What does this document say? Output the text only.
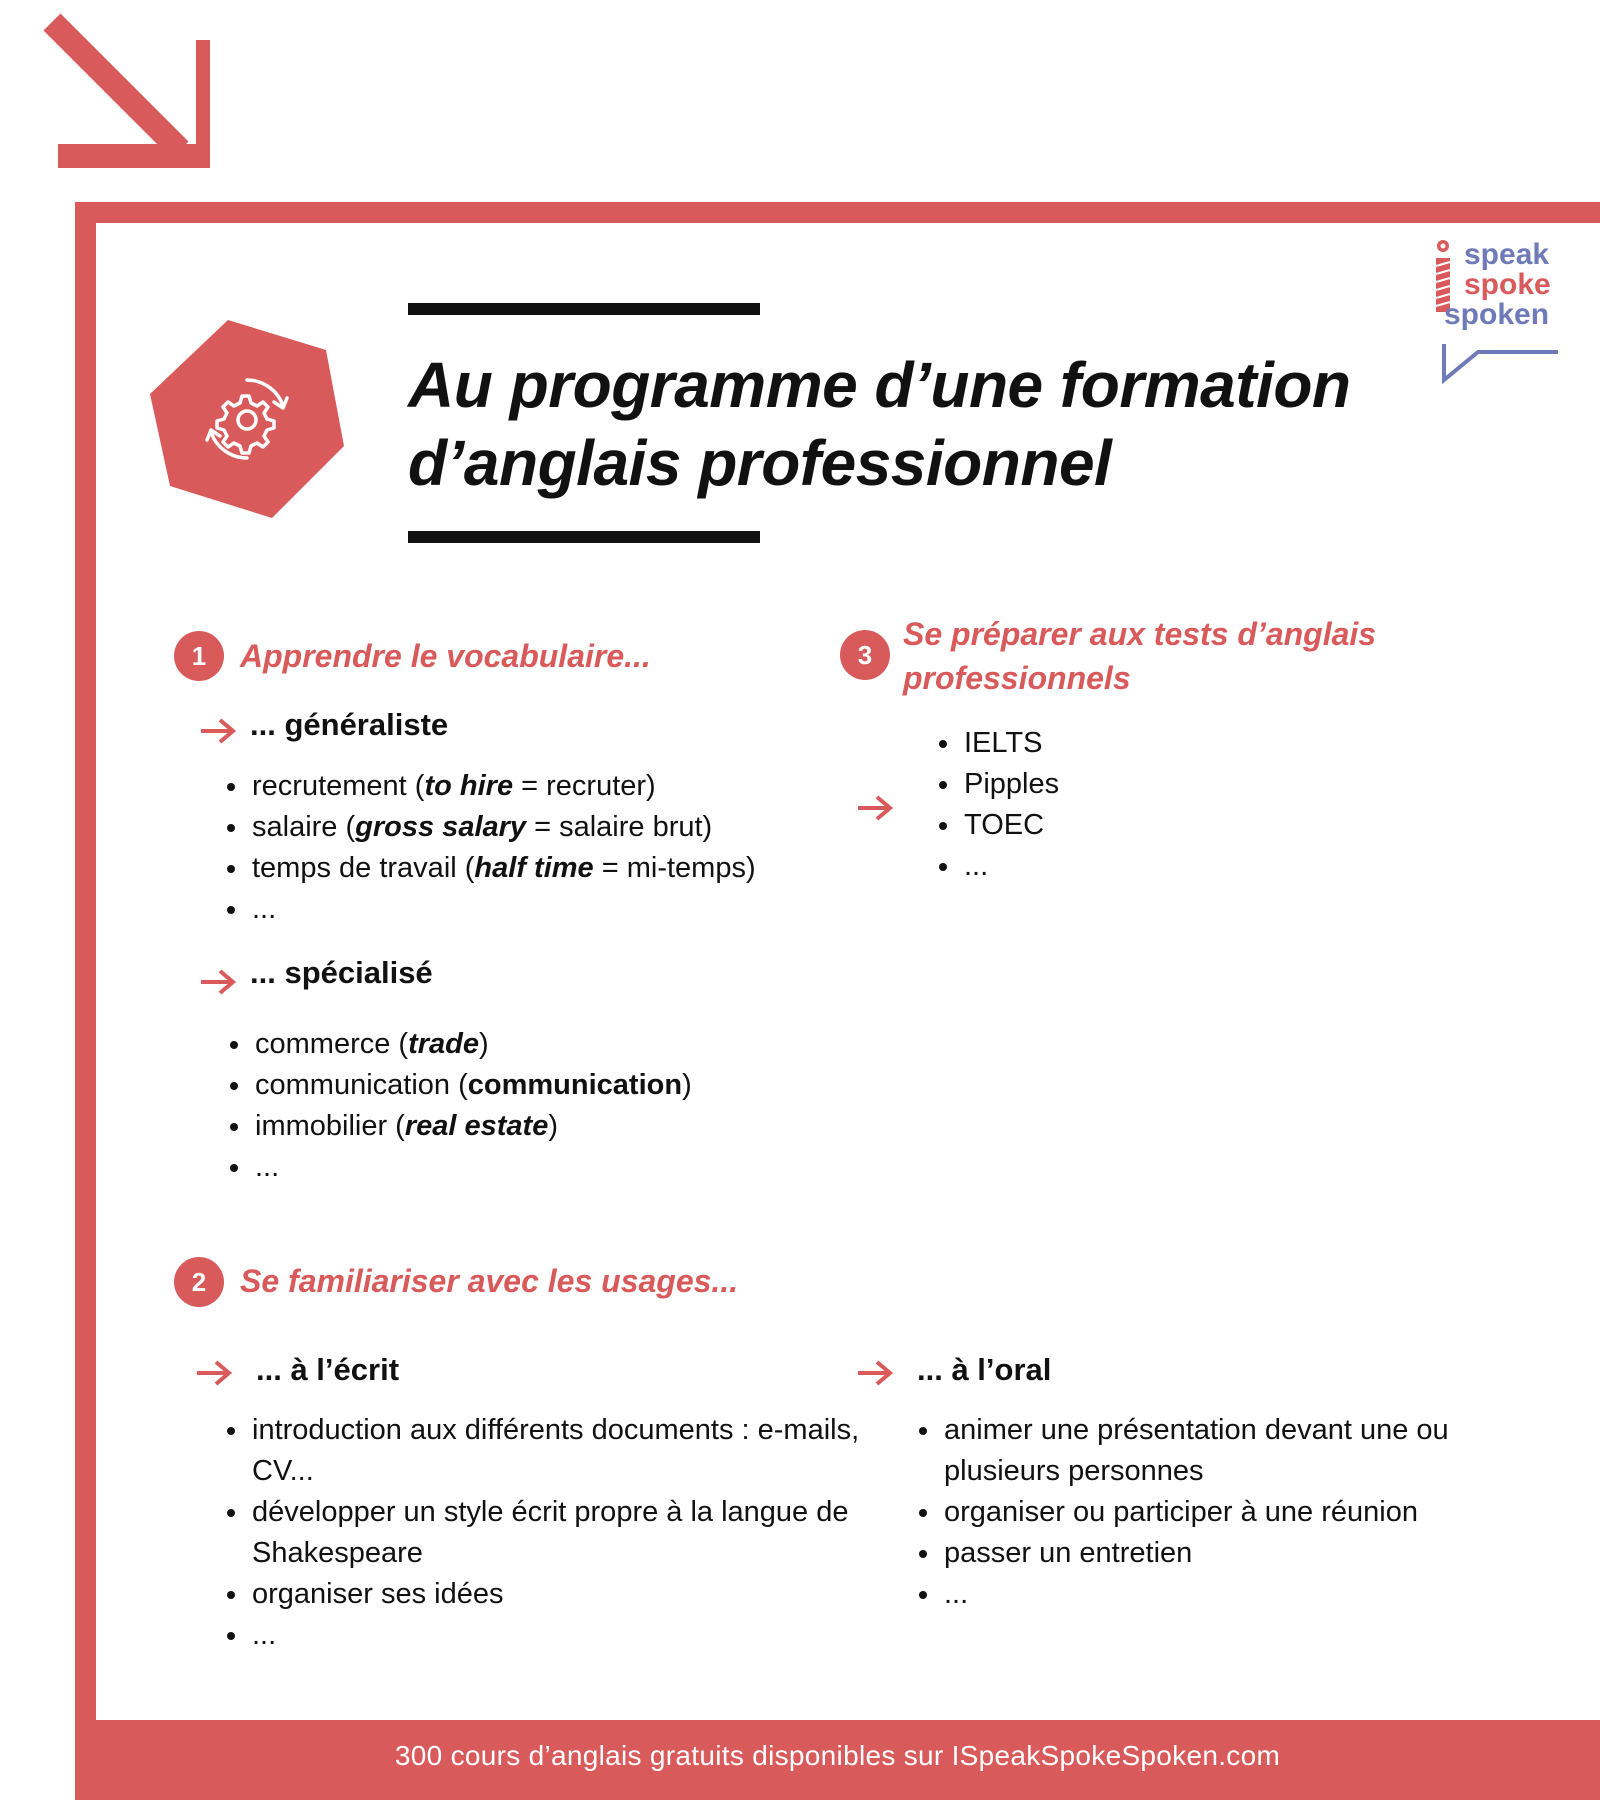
Au programme d’une formation
d’anglais professionnel
speak
spoke
spoken
1	Apprendre le vocabulaire...
... généraliste
• recrutement (to hire = recruter)
• salaire (gross salary = salaire brut)
• temps de travail (half time = mi-temps)
• ...
... spécialisé
• commerce (trade)
• communication (communication)
• immobilier (real estate)
• ...
3
Se préparer aux tests d’anglais
professionnels
• IELTS
• Pipples
• TOEC
• ...
2	Se familiariser avec les usages...
... à l’écrit
• introduction aux différents documents : e-mails, CV...
• développer un style écrit propre à la langue de Shakespeare
• organiser ses idées
• ...
... à l’oral
• animer une présentation devant une ou plusieurs personnes
• organiser ou participer à une réunion
• passer un entretien
• ...
300 cours d’anglais gratuits disponibles sur ISpeakSpokeSpoken.com
